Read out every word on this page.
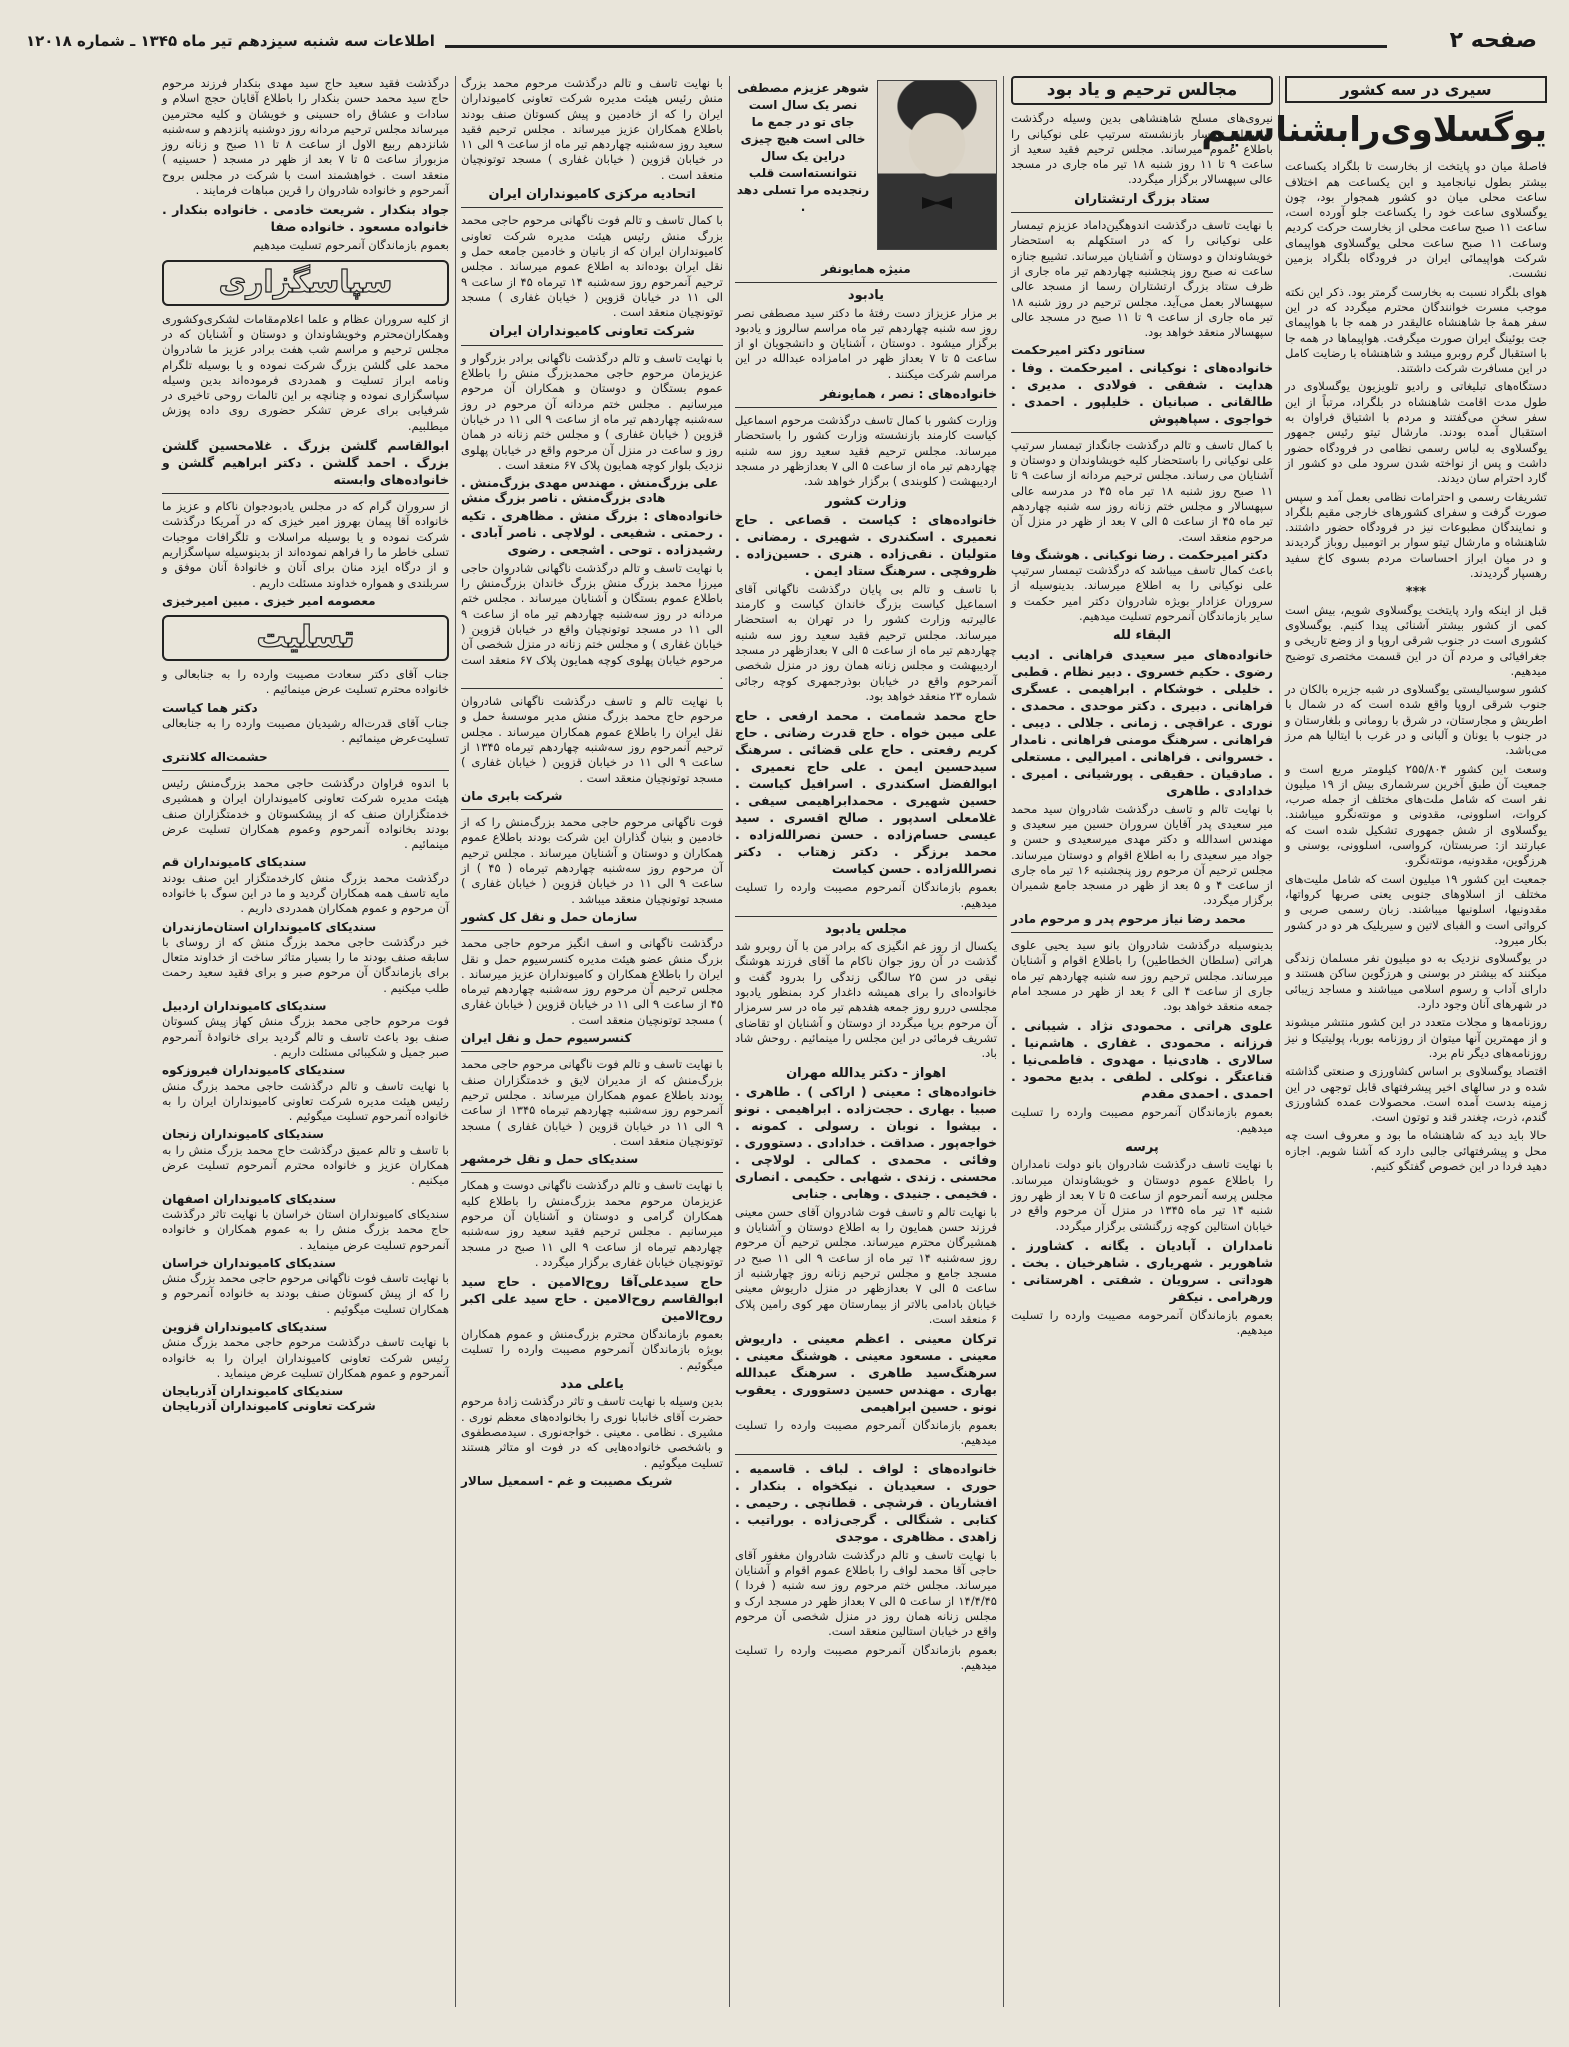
صفحه ۲
اطلاعات سه شنبه سیزدهم تیر ماه ۱۳۴۵ ـ شماره ۱۲۰۱۸
سیری در سه کشور
یوگسلاوی‌را‌بشناسیم

فاصلهٔ میان دو پایتخت از بخارست تا بلگراد یکساعت بیشتر بطول نیانجامید و این یکساعت هم اختلاف ساعت محلی میان دو کشور همجوار بود، چون یوگسلاوی ساعت خود را یکساعت جلو آورده است، ساعت ۱۱ صبح ساعت محلی از بخارست حرکت کردیم وساعت ۱۱ صبح ساعت محلی یوگسلاوی هواپیمای شرکت هواپیمائی ایران در فرودگاه بلگراد بزمین نشست.

هوای بلگراد نسبت به بخارست گرمتر بود. ذکر این نکته موجب مسرت خوانندگان محترم میگردد که در این سفر همهٔ جا شاهنشاه عالیقدر در همه جا با هواپیمای جت بوئینگ ایران صورت میگرفت. هواپیماها در همه جا با استقبال گرم روبرو میشد و شاهنشاه با رضایت کامل در این مسافرت شرکت داشتند.

دستگاه‌های تبلیغاتی و رادیو تلویزیون یوگسلاوی در طول مدت اقامت شاهنشاه در بلگراد، مرتباً از این سفر سخن می‌گفتند و مردم با اشتیاق فراوان به استقبال آمده بودند. مارشال تیتو رئیس جمهور یوگسلاوی به لباس رسمی نظامی در فرودگاه حضور داشت و پس از نواخته شدن سرود ملی دو کشور از گارد احترام سان دیدند.

تشریفات رسمی و احترامات نظامی بعمل آمد و سپس صورت گرفت و سفرای کشورهای خارجی مقیم بلگراد و نمایندگان مطبوعات نیز در فرودگاه حضور داشتند. شاهنشاه و مارشال تیتو سوار بر اتومبیل روباز گردیدند و در میان ابراز احساسات مردم بسوی کاخ سفید رهسپار گردیدند.

***

قبل از اینکه وارد پایتخت یوگسلاوی شویم، بیش است کمی از کشور بیشتر آشنائی پیدا کنیم. یوگسلاوی کشوری است در جنوب شرقی اروپا و از وضع تاریخی و جغرافیائی و مردم آن در این قسمت مختصری توضیح میدهیم.

کشور سوسیالیستی یوگسلاوی در شبه جزیره بالکان در جنوب شرقی اروپا واقع شده است که در شمال با اطریش و مجارستان، در شرق با رومانی و بلغارستان و در جنوب با یونان و آلبانی و در غرب با ایتالیا هم مرز می‌باشد.

وسعت این کشور ۲۵۵/۸۰۴ کیلومتر مربع است و جمعیت آن طبق آخرین سرشماری بیش از ۱۹ میلیون نفر است که شامل ملت‌های مختلف از جمله صرب، کروات، اسلوونی، مقدونی و مونته‌نگرو میباشند. یوگسلاوی از شش جمهوری تشکیل شده است که عبارتند از: صربستان، کرواسی، اسلوونی، بوسنی و هرزگوین، مقدونیه، مونته‌نگرو.

جمعیت این کشور ۱۹ میلیون است که شامل ملیت‌های مختلف از اسلاوهای جنوبی یعنی صربها کرواتها، مقدونیها، اسلونیها میباشند. زبان رسمی صربی و کرواتی است و الفبای لاتین و سیریلیک هر دو در کشور بکار میرود.

در یوگسلاوی نزدیک به دو میلیون نفر مسلمان زندگی میکنند که بیشتر در بوسنی و هرزگوین ساکن هستند و دارای آداب و رسوم اسلامی میباشند و مساجد زیبائی در شهرهای آنان وجود دارد.

روزنامه‌ها و مجلات متعدد در این کشور منتشر میشوند و از مهمترین آنها میتوان از روزنامه بوربا، پولیتیکا و نیز روزنامه‌های دیگر نام برد.

اقتصاد یوگسلاوی بر اساس کشاورزی و صنعتی گذاشته شده و در سالهای اخیر پیشرفتهای قابل توجهی در این زمینه بدست آمده است. محصولات عمده کشاورزی گندم، ذرت، چغندر قند و توتون است.

حالا باید دید که شاهنشاه ما بود و معروف است چه محل و پیشرفتهائی جالبی دارد که آشنا شویم. اجازه دهید فردا در این خصوص گفتگو کنیم.

مجالس ترحیم و یاد بود

نیروی‌های مسلح شاهنشاهی بدین وسیله درگذشت شادروان تیمسار بازنشسته سرتیپ علی نوکیانی را باطلاع عموم میرساند. مجلس ترحیم فقید سعید از ساعت ۹ تا ۱۱ روز شنبه ۱۸ تیر ماه جاری در مسجد عالی سپهسالار برگزار میگردد.

ستاد بزرگ ارتشتاران

با نهایت تاسف درگذشت اندوهگین‌داماد عزیزم تیمسار علی نوکیانی را که در استکهلم به استحضار خویشاوندان و دوستان و آشنایان میرساند. تشییع جنازه ساعت نه صبح روز پنجشنبه چهاردهم تیر ماه جاری از ظرف ستاد بزرگ ارتشتاران رسما از مسجد عالی سپهسالار بعمل می‌آید. مجلس ترحیم در روز شنبه ۱۸ تیر ماه جاری از ساعت ۹ تا ۱۱ صبح در مسجد عالی سپهسالار منعقد خواهد بود.

سناتور دکتر امیرحکمت

خانواده‌های : نوکیانی . امیرحکمت . وفا . هدایت . شفقی . فولادی . مدیری . طالقانی . صبانیان . خلیلپور . احمدی . خواجوی . سپاهپوش

با کمال تاسف و تالم درگذشت جانگداز تیمسار سرتیپ علی نوکیانی را باستحضار کلیه خویشاوندان و دوستان و آشنایان می رساند. مجلس ترحیم مردانه از ساعت ۹ تا ۱۱ صبح روز شنبه ۱۸ تیر ماه ۴۵ در مدرسه عالی سپهسالار و مجلس ختم زنانه روز سه شنبه چهاردهم تیر ماه ۴۵ از ساعت ۵ الی ۷ بعد از ظهر در منزل آن مرحوم منعقد است.

دکتر امیرحکمت . رضا نوکیانی . هوشنگ وفا

باعث کمال تاسف میباشد که درگذشت تیمسار سرتیپ علی نوکیانی را به اطلاع میرساند. بدینوسیله از سروران عزادار بویژه شادروان دکتر امیر حکمت و سایر بازماندگان آنمرحوم تسلیت میدهیم.

البقاء لله

خانواده‌های میر سعیدی فراهانی . ادیب رضوی . حکیم خسروی . دبیر نظام . قطبی . خلیلی . خوشکام . ابراهیمی . عسگری فراهانی . دبیری . دکتر موحدی . محمدی . نوری . عراقچی . زمانی . جلالی . دیبی . فراهانی . سرهنگ مومنی فراهانی . نامدار . خسروانی . فراهانی . امیرالیی . مستعلی . صادقیان . حقیقی . پورشیانی . امیری . خدادادی . طاهری

با نهایت تالم و تاسف درگذشت شادروان سید محمد میر سعیدی پدر آقایان سروران حسین میر سعیدی و مهندس اسدالله و دکتر مهدی میرسعیدی و حسن و جواد میر سعیدی را به اطلاع اقوام و دوستان میرساند. مجلس ترحیم آن مرحوم روز پنجشنبه ۱۶ تیر ماه جاری از ساعت ۴ و ۵ بعد از ظهر در مسجد جامع شمیران برگزار میگردد.

محمد رضا نیاز مرحوم پدر و مرحوم مادر

بدینوسیله درگذشت شادروان بانو سید یحیی علوی هراتی (سلطان الخطاطین) را باطلاع اقوام و آشنایان میرساند. مجلس ترحیم روز سه شنبه چهاردهم تیر ماه جاری از ساعت ۴ الی ۶ بعد از ظهر در مسجد امام جمعه منعقد خواهد بود.

علوی هراتی . محمودی نژاد . شیبانی . فرزانه . محمودی . غفاری . هاشم‌نیا . سالاری . هادی‌نیا . مهدوی . فاطمی‌نیا . قناعتگر . نوکلی . لطفی . بدیع محمود . احمدی . احمدی مقدم

بعموم بازماندگان آنمرحوم مصیبت وارده را تسلیت میدهیم.

پرسه

با نهایت تاسف درگذشت شادروان بانو دولت نامداران را باطلاع عموم دوستان و خویشاوندان میرساند. مجلس پرسه آنمرحوم از ساعت ۵ تا ۷ بعد از ظهر روز شنبه ۱۴ تیر ماه ۱۳۴۵ در منزل آن مرحوم واقع در خیابان استالین کوچه زرگنشتی برگزار میگردد.

نامداران . آبادیان . یگانه . کشاورز . شاهوریر . شهریاری . شاهرخیان . بخت . هوداتی . سرویان . شفتی . اهرستانی . ورهرامی . نیکفر

بعموم بازماندگان آنمرحومه مصیبت وارده را تسلیت میدهیم.

شوهر عزیزم مصطفی نصر یک سال است جای تو در جمع ما خالی است هیچ چیزی دراین یک سال نتوانسته‌است قلب رنجدیده مرا تسلی دهد .
منیژه همایونفر
یادبود

بر مزار عزیزاز دست رفتهٔ ما دکتر سید مصطفی نصر روز سه شنبه چهاردهم تیر ماه مراسم سالروز و یادبود برگزار میشود . دوستان ، آشنایان و دانشجویان او از ساعت ۵ تا ۷ بعداز ظهر در امامزاده عبدالله در این مراسم شرکت میکنند .

خانواده‌های : نصر ، همایونفر

وزارت کشور با کمال تاسف درگذشت مرحوم اسماعیل کیاست کارمند بازنشسته وزارت کشور را باستحضار میرساند. مجلس ترحیم فقید سعید روز سه شنبه چهاردهم تیر ماه از ساعت ۵ الی ۷ بعدازظهر در مسجد اردیبهشت ( کلوبندی ) برگزار خواهد شد.

وزارت کشور

خانواده‌های : کیاست . قصاعی . حاج نعمیری . اسکندری . شهیری . رمضانی . متولیان . نقی‌زاده . هنری . حسین‌زاده . ظروفچی . سرهنگ ستاد ایمن .

با تاسف و تالم بی پایان درگذشت ناگهانی آقای اسماعیل کیاست بزرگ خاندان کیاست و کارمند عالیرتبه وزارت کشور را در تهران به استحضار میرساند. مجلس ترحیم فقید سعید روز سه شنبه چهاردهم تیر ماه از ساعت ۵ الی ۷ بعدازظهر در مسجد اردیبهشت و مجلس زنانه همان روز در منزل شخصی آنمرحوم واقع در خیابان بوذرجمهری کوچه رجائی شماره ۲۳ منعقد خواهد بود.

حاج محمد شمامت . محمد ارفعی . حاج علی میبن خواه . حاج قدرت رضانی . حاج کریم رفعتی . حاج علی قضائی . سرهنگ سیدحسین ایمن . علی حاج نعمیری . ابوالفضل اسکندری . اسرافیل کیاست . حسین شهیری . محمدابراهیمی سیفی . غلامعلی اسدپور . صالح اقسری . سید عیسی حسام‌زاده . حسن نصرالله‌زاده . محمد برزگر . دکتر زهتاب . دکتر نصرالله‌زاده . حسن کیاست

بعموم بازماندگان آنمرحوم مصیبت وارده را تسلیت میدهیم.

مجلس یادبود

یکسال از روز غم انگیزی که برادر من با آن روبرو شد گذشت در آن روز جوان ناکام ما آقای فرزند هوشنگ نیقی در سن ۲۵ سالگی زندگی را بدرود گفت و خانواده‌ای را برای همیشه داغدار کرد بمنظور یادبود مجلسی دررو روز جمعه هفدهم تیر ماه در سر سرمزار آن مرحوم برپا میگردد از دوستان و آشنایان او تقاضای تشریف فرمائی در این مجلس را مینمائیم . روحش شاد باد.

اهواز - دکتر یدالله مهران

خانواده‌های : معینی ( اراکی ) . طاهری . صبیا . بهاری . حجت‌زاده . ابراهیمی . نونو . بیشوا . نوبان . رسولی . کمونه . خواجه‌پور . صداقت . خدادادی . دستووری . وفائی . محمدی . کمالی . لولاچی . محسنی . زندی . شهابی . حکیمی . انصاری . فخیمی . جنیدی . وهابی . جنابی

با نهایت تالم و تاسف فوت شادروان آقای حسن معینی فرزند حسن همایون را به اطلاع دوستان و آشنایان و همشیرگان محترم میرساند. مجلس ترحیم آن مرحوم روز سه‌شنبه ۱۴ تیر ماه از ساعت ۹ الی ۱۱ صبح در مسجد جامع و مجلس ترحیم زنانه روز چهارشنبه از ساعت ۵ الی ۷ بعدازظهر در منزل داریوش معینی خیابان بادامی بالاتر از بیمارستان مهر کوی رامین پلاک ۶ منعقد است.

ترکان معینی . اعظم معینی . داریوش معینی . مسعود معینی . هوشنگ معینی . سرهنگ‌سید طاهری . سرهنگ عبدالله بهاری . مهندس حسین دستووری . یعقوب نونو . حسین ابراهیمی

بعموم بازماندگان آنمرحوم مصیبت وارده را تسلیت میدهیم.

خانواده‌های : لواف . لباف . قاسمیه . حوری . سعیدیان . نیکخواه . بنکدار . افشاریان . فرشچی . قطانچی . رحیمی . کتابی . شنگالی . گرجی‌زاده . بوراتیب . زاهدی . مظاهری . موجدی

با نهایت تاسف و تالم درگذشت شادروان مغفور آقای حاجی آقا محمد لواف را باطلاع عموم اقوام و آشنایان میرساند. مجلس ختم مرحوم روز سه شنبه ( فردا ) ۱۴/۴/۴۵ از ساعت ۵ الی ۷ بعداز ظهر در مسجد ارک و مجلس زنانه همان روز در منزل شخصی آن مرحوم واقع در خیابان استالین منعقد است.

بعموم بازماندگان آنمرحوم مصیبت وارده را تسلیت میدهیم.

با نهایت تاسف و تالم درگذشت مرحوم محمد بزرگ منش رئیس هیئت مدیره شرکت تعاونی کامیونداران ایران را که از خادمین و پیش کسوتان صنف بودند باطلاع همکاران عزیز میرساند . مجلس ترحیم فقید سعید روز سه‌شنبه چهاردهم تیر ماه از ساعت ۹ الی ۱۱ در خیابان قزوین ( خیابان غفاری ) مسجد توتونچیان منعقد است .

اتحادیه مرکزی کامیونداران ایران

با کمال تاسف و تالم فوت ناگهانی مرحوم حاجی محمد بزرگ منش رئیس هیئت مدیره شرکت تعاونی کامیونداران ایران که از بانیان و خادمین جامعه حمل و نقل ایران بوده‌اند به اطلاع عموم میرساند . مجلس ترحیم آنمرحوم روز سه‌شنبه ۱۴ تیرماه ۴۵ از ساعت ۹ الی ۱۱ در خیابان قزوین ( خیابان غفاری ) مسجد توتونچیان منعقد است .

شرکت تعاونی کامیونداران ایران

با نهایت تاسف و تالم درگذشت ناگهانی برادر بزرگوار و عزیزمان مرحوم حاجی محمدبزرگ منش را باطلاع عموم بستگان و دوستان و همکاران آن مرحوم میرسانیم . مجلس ختم مردانه آن مرحوم در روز سه‌شنبه چهاردهم تیر ماه از ساعت ۹ الی ۱۱ در خیابان قزوین ( خیابان غفاری ) و مجلس ختم زنانه در همان روز و ساعت در منزل آن مرحوم واقع در خیابان پهلوی نزدیک بلوار کوچه همایون پلاک ۶۷ منعقد است .

علی بزرگ‌منش . مهندس مهدی بزرگ‌منش . هادی بزرگ‌منش . ناصر بزرگ منش

خانواده‌های : بزرگ منش . مظاهری . تکیه . رحمتی . شفیعی . لولاچی . ناصر آبادی . رشیدزاده . توحی . اشجعی . رضوی

با نهایت تاسف و تالم درگذشت ناگهانی شادروان حاجی میرزا محمد بزرگ منش بزرگ خاندان بزرگ‌منش را باطلاع عموم بستگان و آشنایان میرساند . مجلس ختم مردانه در روز سه‌شنبه چهاردهم تیر ماه از ساعت ۹ الی ۱۱ در مسجد توتونچیان واقع در خیابان قزوین ( خیابان غفاری ) و مجلس ختم زنانه در منزل شخصی آن مرحوم خیابان پهلوی کوچه همایون پلاک ۶۷ منعقد است .

با نهایت تالم و تاسف درگذشت ناگهانی شادروان مرحوم حاج محمد بزرگ منش مدیر موسسهٔ حمل و نقل ایران را باطلاع عموم همکاران میرساند . مجلس ترحیم آنمرحوم روز سه‌شنبه چهاردهم تیرماه ۱۳۴۵ از ساعت ۹ الی ۱۱ در خیابان قزوین ( خیابان غفاری ) مسجد توتونچیان منعقد است .

شرکت بابری مان

فوت ناگهانی مرحوم حاجی محمد بزرگ‌منش را که از خادمین و بنیان گذاران این شرکت بودند باطلاع عموم همکاران و دوستان و آشنایان میرساند . مجلس ترحیم آن مرحوم روز سه‌شنبه چهاردهم تیرماه ( ۴۵ ) از ساعت ۹ الی ۱۱ در خیابان قزوین ( خیابان غفاری ) مسجد توتونچیان منعقد میباشد .

سازمان حمل و نقل کل کشور

درگذشت ناگهانی و اسف انگیز مرحوم حاجی محمد بزرگ منش عضو هیئت مدیره کنسرسیوم حمل و نقل ایران را باطلاع همکاران و کامیونداران عزیز میرساند . مجلس ترحیم آن مرحوم روز سه‌شنبه چهاردهم تیرماه ۴۵ از ساعت ۹ الی ۱۱ در خیابان قزوین ( خیابان غفاری ) مسجد توتونچیان منعقد است .

کنسرسیوم حمل و نقل ایران

با نهایت تاسف و تالم فوت ناگهانی مرحوم حاجی محمد بزرگ‌منش که از مدیران لایق و خدمتگزاران صنف بودند باطلاع عموم همکاران میرساند . مجلس ترحیم آنمرحوم روز سه‌شنبه چهاردهم تیرماه ۱۳۴۵ از ساعت ۹ الی ۱۱ در خیابان قزوین ( خیابان غفاری ) مسجد توتونچیان منعقد است .

سندیکای حمل و نقل خرمشهر

با نهایت تاسف و تالم درگذشت ناگهانی دوست و همکار عزیزمان مرحوم محمد بزرگ‌منش را باطلاع کلیه همکاران گرامی و دوستان و آشنایان آن مرحوم میرسانیم . مجلس ترحیم فقید سعید روز سه‌شنبه چهاردهم تیرماه از ساعت ۹ الی ۱۱ صبح در مسجد توتونچیان خیابان غفاری برگزار میگردد .

حاج سیدعلی‌آقا روح‌الامین . حاج سید ابوالقاسم روح‌الامین . حاج سید علی اکبر روح‌الامین

بعموم بازماندگان محترم بزرگ‌منش و عموم همکاران بویژه بازماندگان آنمرحوم مصیبت وارده را تسلیت میگوئیم .

یاعلی مدد

بدین وسیله با نهایت تاسف و تاثر درگذشت زادهٔ مرحوم حضرت آقای خانبابا نوری را بخانواده‌های معظم نوری . مشیری . نظامی . معینی . خواجه‌نوری . سیدمصطفوی و باشخصی خانواده‌هایی که در فوت او متاثر هستند تسلیت میگوئیم .

شریک مصیبت و غم - اسمعیل سالار

درگذشت فقید سعید حاج سید مهدی بنکدار فرزند مرحوم حاج سید محمد حسن بنکدار را باطلاع آقایان حجج اسلام و سادات و عشاق راه حسینی و خویشان و کلیه محترمین میرساند مجلس ترحیم مردانه روز دوشنبه پانزدهم و سه‌شنبه شانزدهم ربیع الاول از ساعت ۸ تا ۱۱ صبح و زنانه روز مزبوراز ساعت ۵ تا ۷ بعد از ظهر در مسجد ( حسینیه ) منعقد است . خواهشمند است با شرکت در مجلس بروح آنمرحوم و خانواده شادروان را قرین مباهات فرمایند .

جواد بنکدار . شریعت خادمی . خانواده بنکدار . خانواده مسعود . خانواده صفا

بعموم بازماندگان آنمرحوم تسلیت میدهیم

سپاسگزاری

از کلیه سروران عظام و علما اعلام‌مقامات لشکری‌وکشوری وهمکاران‌محترم وخویشاوندان و دوستان و آشنایان که در مجلس ترحیم و مراسم شب هفت برادر عزیز ما شادروان محمد علی گلشن بزرگ شرکت نموده و یا بوسیله تلگرام ونامه ابراز تسلیت و همدردی فرموده‌اند بدین وسیله سپاسگزاری نموده و چنانچه بر این تالمات روحی تاخیری در شرفیابی برای عرض تشکر حضوری روی داده پوزش میطلبیم.

ابوالقاسم گلشن بزرگ . غلامحسین گلشن بزرگ . احمد گلشن . دکتر ابراهیم گلشن و خانواده‌های وابسته

از سروران گرام که در مجلس یادبودجوان ناکام و عزیز ما خانواده آقا پیمان بهروز امیر خیزی که در آمریکا درگذشت شرکت نموده و یا بوسیله مراسلات و تلگرافات موجبات تسلی خاطر ما را فراهم نموده‌اند از بدینوسیله سپاسگزاریم و از درگاه ایزد منان برای آنان و خانوادهٔ آنان موفق و سربلندی و همواره خداوند مسئلت داریم .

معصومه امیر خیزی . مبین امیرخیزی
تسلیت

جناب آقای دکتر سعادت مصیبت وارده را به جنابعالی و خانواده محترم تسلیت عرض مینمائیم .

دکتر هما کیاست

جناب آقای قدرت‌اله رشیدیان مصیبت وارده را به جنابعالی تسلیت‌عرض مینمائیم .

حشمت‌اله کلانتری

با اندوه فراوان درگذشت حاجی محمد بزرگ‌منش رئیس هیئت مدیره شرکت تعاونی کامیونداران ایران و همشیری خدمتگزاران صنف که از پیشکسوتان و خدمتگزاران صنف بودند بخانواده آنمرحوم وعموم همکاران تسلیت عرض مینمائیم .

سندیکای کامیونداران قم

درگذشت محمد بزرگ منش کارخدمتگزار این صنف بودند مایه تاسف همه همکاران گردید و ما در این سوگ با خانواده آن مرحوم و عموم همکاران همدردی داریم .

سندیکای کامیونداران استان‌مازندران

خبر درگذشت حاجی محمد بزرگ منش که از روسای با سابقه صنف بودند ما را بسیار متاثر ساخت از خداوند متعال برای بازماندگان آن مرحوم صبر و برای فقید سعید رحمت طلب میکنیم .

سندیکای کامیونداران اردبیل

فوت مرحوم حاجی محمد بزرگ منش کهاز پیش کسوتان صنف بود باعث تاسف و تالم گردید برای خانوادهٔ آنمرحوم صبر جمیل و شکیبائی مسئلت داریم .

سندیکای کامیونداران فیروزکوه

با نهایت تاسف و تالم درگذشت حاجی محمد بزرگ منش رئیس هیئت مدیره شرکت تعاونی کامیونداران ایران را به خانواده آنمرحوم تسلیت میگوئیم .

سندیکای کامیونداران زنجان

با تاسف و تالم عمیق درگذشت حاج محمد بزرگ منش را به همکاران عزیز و خانواده محترم آنمرحوم تسلیت عرض میکنیم .

سندیکای کامیونداران اصفهان

سندیکای کامیونداران استان خراسان با نهایت تاثر درگذشت حاج محمد بزرگ منش را به عموم همکاران و خانواده آنمرحوم تسلیت عرض مینماید .

سندیکای کامیونداران خراسان

با نهایت تاسف فوت ناگهانی مرحوم حاجی محمد بزرگ منش را که از پیش کسوتان صنف بودند به خانواده آنمرحوم و همکاران تسلیت میگوئیم .

سندیکای کامیونداران قزوین

با نهایت تاسف درگذشت مرحوم حاجی محمد بزرگ منش رئیس شرکت تعاونی کامیونداران ایران را به خانواده آنمرحوم و عموم همکاران تسلیت عرض مینماید .

سندیکای کامیونداران آذربایجان
شرکت تعاونی کامیونداران آذربایجان
